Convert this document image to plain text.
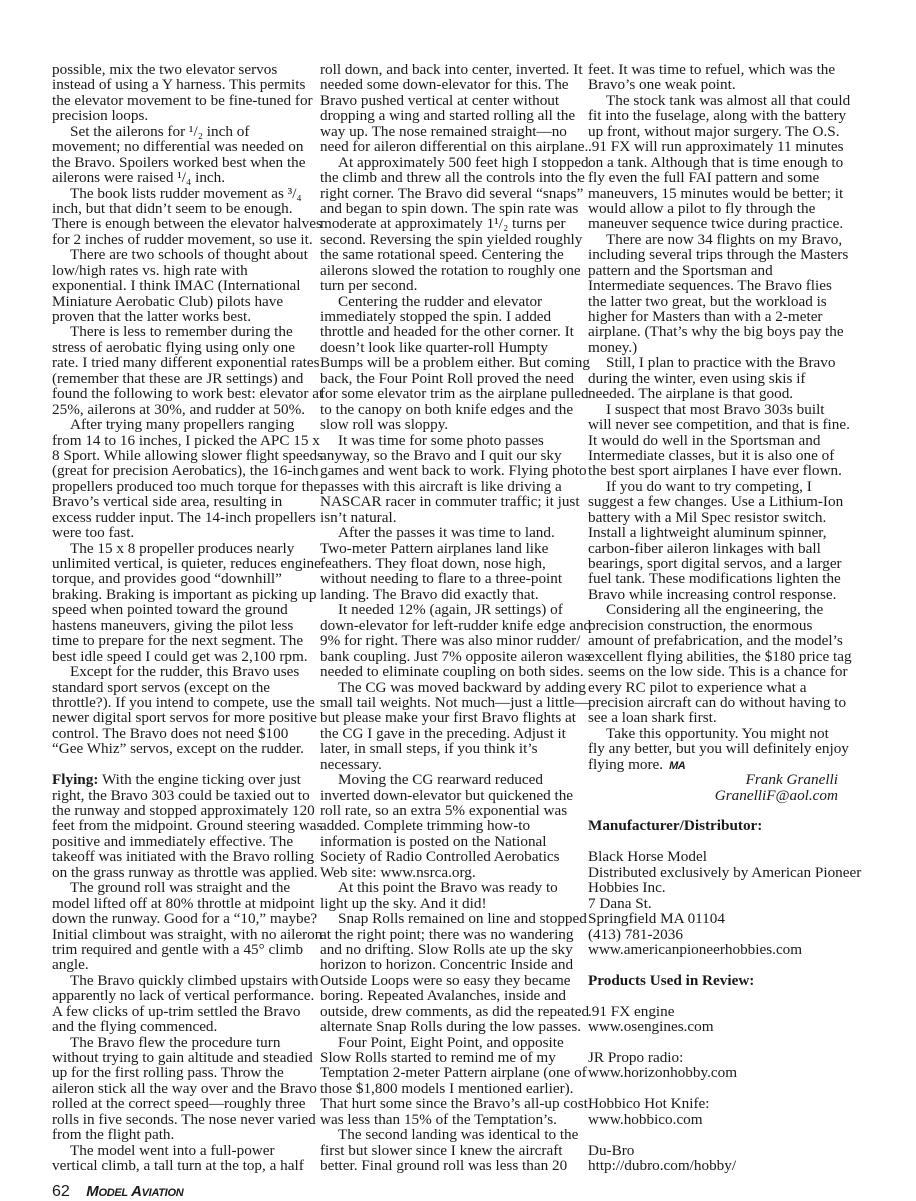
possible, mix the two elevator servos
instead of using a Y harness. This permits
the elevator movement to be fine-tuned for
precision loops.
Set the ailerons for ¹/₂ inch of
movement; no differential was needed on
the Bravo. Spoilers worked best when the
ailerons were raised ¹/₄ inch.
The book lists rudder movement as ³/₄
inch, but that didn’t seem to be enough.
There is enough between the elevator halves
for 2 inches of rudder movement, so use it.
There are two schools of thought about
low/high rates vs. high rate with
exponential. I think IMAC (International
Miniature Aerobatic Club) pilots have
proven that the latter works best.
There is less to remember during the
stress of aerobatic flying using only one
rate. I tried many different exponential rates
(remember that these are JR settings) and
found the following to work best: elevator at
25%, ailerons at 30%, and rudder at 50%.
After trying many propellers ranging
from 14 to 16 inches, I picked the APC 15 x
8 Sport. While allowing slower flight speeds
(great for precision Aerobatics), the 16-inch
propellers produced too much torque for the
Bravo’s vertical side area, resulting in
excess rudder input. The 14-inch propellers
were too fast.
The 15 x 8 propeller produces nearly
unlimited vertical, is quieter, reduces engine
torque, and provides good “downhill”
braking. Braking is important as picking up
speed when pointed toward the ground
hastens maneuvers, giving the pilot less
time to prepare for the next segment. The
best idle speed I could get was 2,100 rpm.
Except for the rudder, this Bravo uses
standard sport servos (except on the
throttle?). If you intend to compete, use the
newer digital sport servos for more positive
control. The Bravo does not need $100
“Gee Whiz” servos, except on the rudder.
Flying: With the engine ticking over just
right, the Bravo 303 could be taxied out to
the runway and stopped approximately 120
feet from the midpoint. Ground steering was
positive and immediately effective. The
takeoff was initiated with the Bravo rolling
on the grass runway as throttle was applied.
The ground roll was straight and the
model lifted off at 80% throttle at midpoint
down the runway. Good for a “10,” maybe?
Initial climbout was straight, with no aileron
trim required and gentle with a 45° climb
angle.
The Bravo quickly climbed upstairs with
apparently no lack of vertical performance.
A few clicks of up-trim settled the Bravo
and the flying commenced.
The Bravo flew the procedure turn
without trying to gain altitude and steadied
up for the first rolling pass. Throw the
aileron stick all the way over and the Bravo
rolled at the correct speed—roughly three
rolls in five seconds. The nose never varied
from the flight path.
The model went into a full-power
vertical climb, a tall turn at the top, a half
roll down, and back into center, inverted. It
needed some down-elevator for this. The
Bravo pushed vertical at center without
dropping a wing and started rolling all the
way up. The nose remained straight—no
need for aileron differential on this airplane.
At approximately 500 feet high I stopped
the climb and threw all the controls into the
right corner. The Bravo did several “snaps”
and began to spin down. The spin rate was
moderate at approximately 1¹/₂ turns per
second. Reversing the spin yielded roughly
the same rotational speed. Centering the
ailerons slowed the rotation to roughly one
turn per second.
Centering the rudder and elevator
immediately stopped the spin. I added
throttle and headed for the other corner. It
doesn’t look like quarter-roll Humpty
Bumps will be a problem either. But coming
back, the Four Point Roll proved the need
for some elevator trim as the airplane pulled
to the canopy on both knife edges and the
slow roll was sloppy.
It was time for some photo passes
anyway, so the Bravo and I quit our sky
games and went back to work. Flying photo
passes with this aircraft is like driving a
NASCAR racer in commuter traffic; it just
isn’t natural.
After the passes it was time to land.
Two-meter Pattern airplanes land like
feathers. They float down, nose high,
without needing to flare to a three-point
landing. The Bravo did exactly that.
It needed 12% (again, JR settings) of
down-elevator for left-rudder knife edge and
9% for right. There was also minor rudder/
bank coupling. Just 7% opposite aileron was
needed to eliminate coupling on both sides.
The CG was moved backward by adding
small tail weights. Not much—just a little—
but please make your first Bravo flights at
the CG I gave in the preceding. Adjust it
later, in small steps, if you think it’s
necessary.
Moving the CG rearward reduced
inverted down-elevator but quickened the
roll rate, so an extra 5% exponential was
added. Complete trimming how-to
information is posted on the National
Society of Radio Controlled Aerobatics
Web site: www.nsrca.org.
At this point the Bravo was ready to
light up the sky. And it did!
Snap Rolls remained on line and stopped
at the right point; there was no wandering
and no drifting. Slow Rolls ate up the sky
horizon to horizon. Concentric Inside and
Outside Loops were so easy they became
boring. Repeated Avalanches, inside and
outside, drew comments, as did the repeated
alternate Snap Rolls during the low passes.
Four Point, Eight Point, and opposite
Slow Rolls started to remind me of my
Temptation 2-meter Pattern airplane (one of
those $1,800 models I mentioned earlier).
That hurt some since the Bravo’s all-up cost
was less than 15% of the Temptation’s.
The second landing was identical to the
first but slower since I knew the aircraft
better. Final ground roll was less than 20
feet. It was time to refuel, which was the
Bravo’s one weak point.
The stock tank was almost all that could
fit into the fuselage, along with the battery
up front, without major surgery. The O.S.
.91 FX will run approximately 11 minutes
on a tank. Although that is time enough to
fly even the full FAI pattern and some
maneuvers, 15 minutes would be better; it
would allow a pilot to fly through the
maneuver sequence twice during practice.
There are now 34 flights on my Bravo,
including several trips through the Masters
pattern and the Sportsman and
Intermediate sequences. The Bravo flies
the latter two great, but the workload is
higher for Masters than with a 2-meter
airplane. (That’s why the big boys pay the
money.)
Still, I plan to practice with the Bravo
during the winter, even using skis if
needed. The airplane is that good.
I suspect that most Bravo 303s built
will never see competition, and that is fine.
It would do well in the Sportsman and
Intermediate classes, but it is also one of
the best sport airplanes I have ever flown.
If you do want to try competing, I
suggest a few changes. Use a Lithium-Ion
battery with a Mil Spec resistor switch.
Install a lightweight aluminum spinner,
carbon-fiber aileron linkages with ball
bearings, sport digital servos, and a larger
fuel tank. These modifications lighten the
Bravo while increasing control response.
Considering all the engineering, the
precision construction, the enormous
amount of prefabrication, and the model’s
excellent flying abilities, the $180 price tag
seems on the low side. This is a chance for
every RC pilot to experience what a
precision aircraft can do without having to
see a loan shark first.
Take this opportunity. You might not
fly any better, but you will definitely enjoy
flying more. MA
Frank Granelli
GranelliF@aol.com
Manufacturer/Distributor:
Black Horse Model
Distributed exclusively by American Pioneer
Hobbies Inc.
7 Dana St.
Springfield MA 01104
(413) 781-2036
www.americanpioneerhobbies.com
Products Used in Review:
.91 FX engine
www.osengines.com
JR Propo radio:
www.horizonhobby.com
Hobbico Hot Knife:
www.hobbico.com
Du-Bro
http://dubro.com/hobby/
62 Model Aviation
